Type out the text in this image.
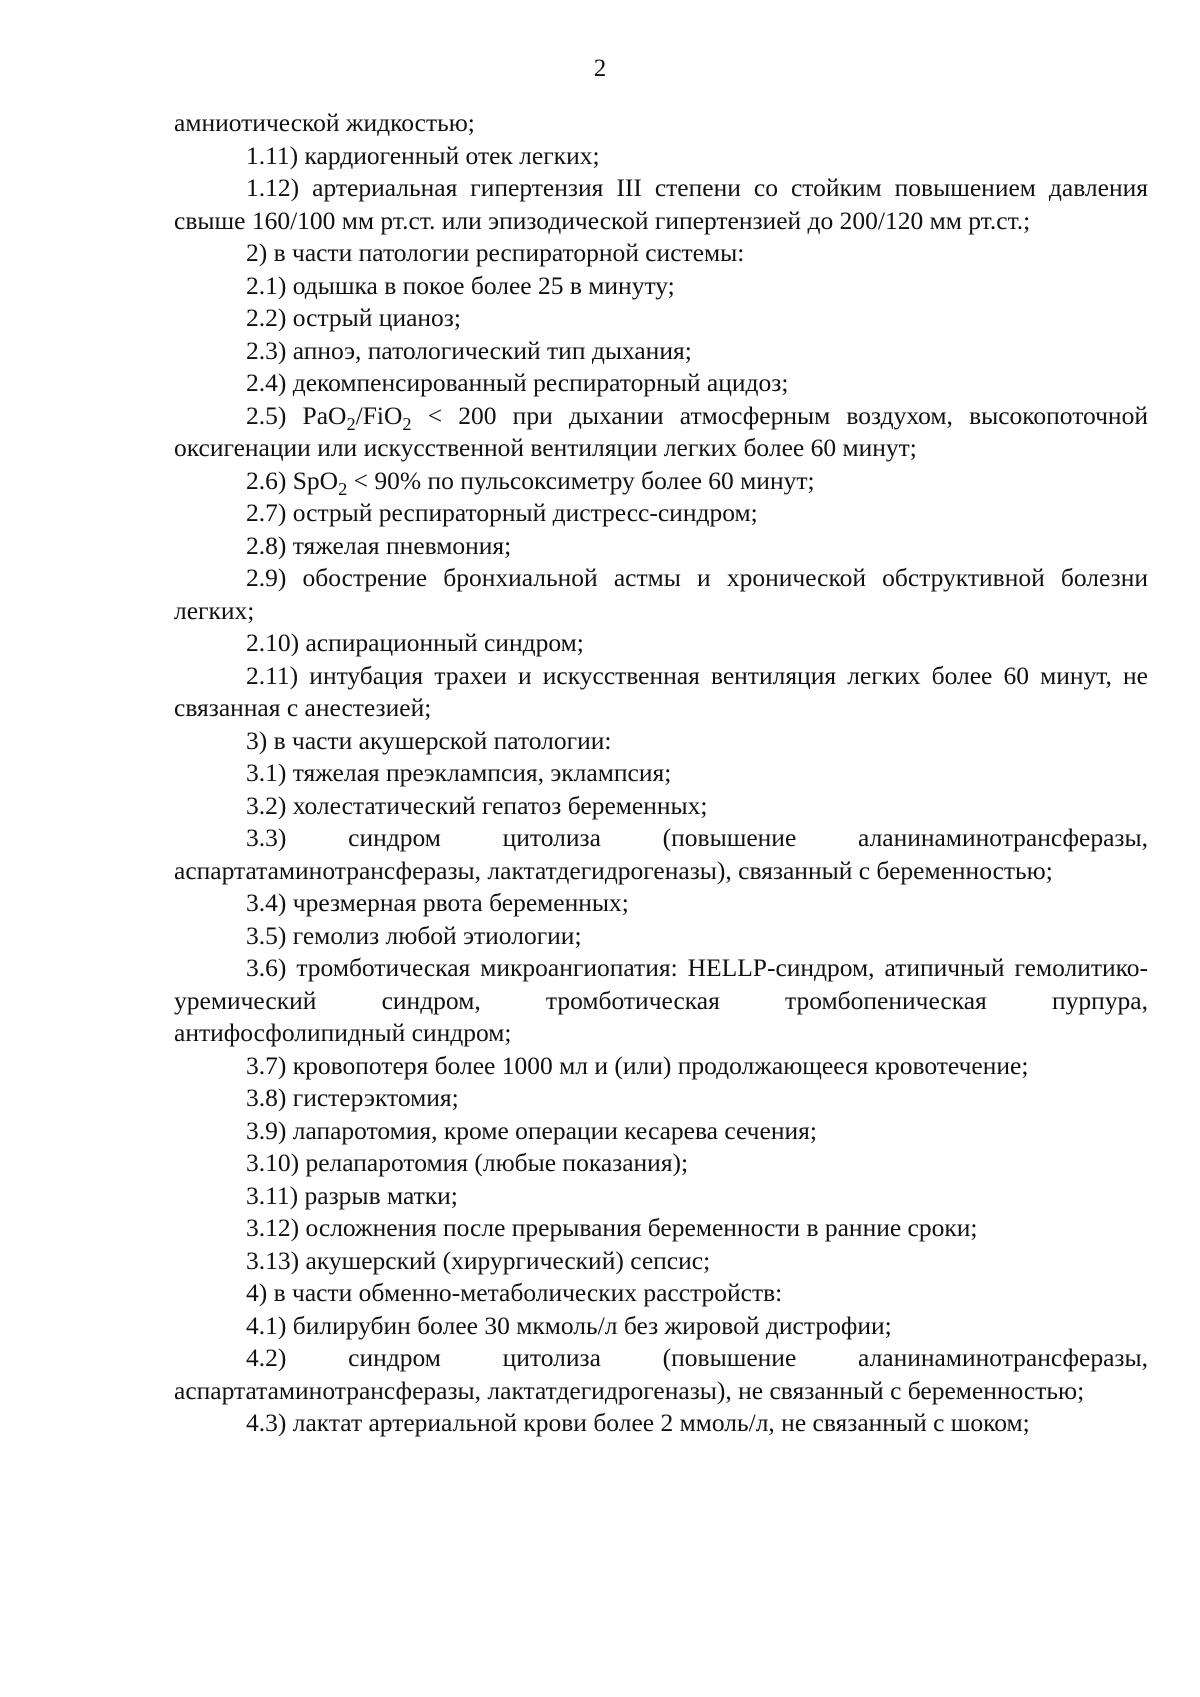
2

амниотической жидкостью;

1.11) кардиогенный отек легких;

1.12) артериальная гипертензия III степени со стойким повышением давления свыше 160/100 мм рт.ст. или эпизодической гипертензией до 200/120 мм рт.ст.;

2) в части патологии респираторной системы:

2.1) одышка в покое более 25 в минуту;

2.2) острый цианоз;

2.3) апноэ, патологический тип дыхания;

2.4) декомпенсированный респираторный ацидоз;

2.5) PaO$_2$/FiO$_2$ < 200 при дыхании атмосферным воздухом, высокопоточной оксигенации или искусственной вентиляции легких более 60 минут;

2.6) SpO$_2$ < 90% по пульсоксиметру более 60 минут;

2.7) острый респираторный дистресс-синдром;

2.8) тяжелая пневмония;

2.9) обострение бронхиальной астмы и хронической обструктивной болезни легких;

2.10) аспирационный синдром;

2.11) интубация трахеи и искусственная вентиляция легких более 60 минут, не связанная с анестезией;

3) в части акушерской патологии:

3.1) тяжелая преэклампсия, эклампсия;

3.2) холестатический гепатоз беременных;

3.3) синдром цитолиза (повышение аланинаминотрансферазы, аспартатаминотрансферазы, лактатдегидрогеназы), связанный с беременностью;

3.4) чрезмерная рвота беременных;

3.5) гемолиз любой этиологии;

3.6) тромботическая микроангиопатия: HELLP-синдром, атипичный гемолитико-уремический синдром, тромботическая тромбопеническая пурпура, антифосфолипидный синдром;

3.7) кровопотеря более 1000 мл и (или) продолжающееся кровотечение;

3.8) гистерэктомия;

3.9) лапаротомия, кроме операции кесарева сечения;

3.10) релапаротомия (любые показания);

3.11) разрыв матки;

3.12) осложнения после прерывания беременности в ранние сроки;

3.13) акушерский (хирургический) сепсис;

4) в части обменно-метаболических расстройств:

4.1) билирубин более 30 мкмоль/л без жировой дистрофии;

4.2) синдром цитолиза (повышение аланинаминотрансферазы, аспартатаминотрансферазы, лактатдегидрогеназы), не связанный с беременностью;

4.3) лактат артериальной крови более 2 ммоль/л, не связанный с шоком;
